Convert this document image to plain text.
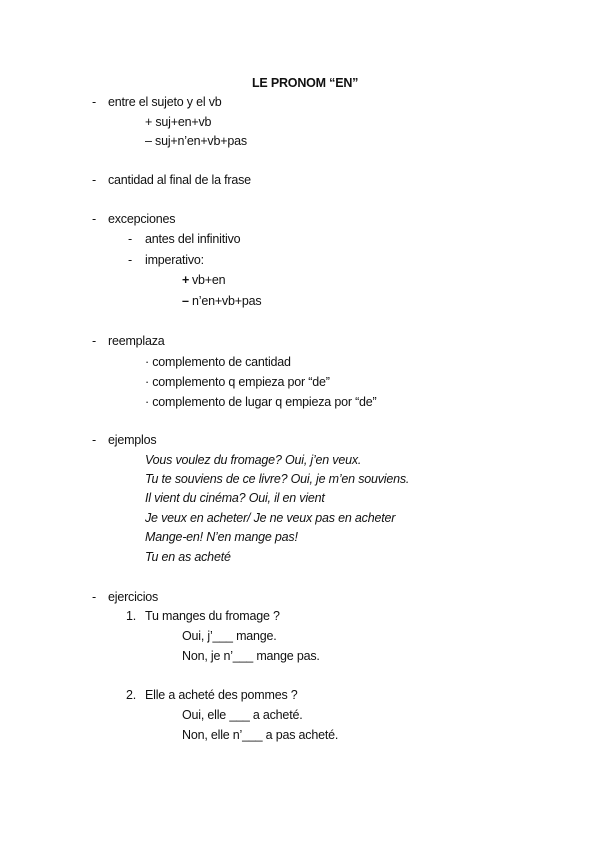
LE PRONOM “EN”
- entre el sujeto y el vb
+ suj+en+vb
– suj+n’en+vb+pas
- cantidad al final de la frase
- excepciones
- antes del infinitivo
- imperativo:
+ vb+en
– n’en+vb+pas
- reemplaza
· complemento de cantidad
· complemento q empieza por “de”
· complemento de lugar q empieza por “de”
- ejemplos
Vous voulez du fromage? Oui, j’en veux.
Tu te souviens de ce livre? Oui, je m’en souviens.
Il vient du cinéma? Oui, il en vient
Je veux en acheter/ Je ne veux pas en acheter
Mange-en! N’en mange pas!
Tu en as acheté
- ejercicios
1. Tu manges du fromage ?
Oui, j’___ mange.
Non, je n’___ mange pas.
2. Elle a acheté des pommes ?
Oui, elle ___ a acheté.
Non, elle n’___ a pas acheté.
